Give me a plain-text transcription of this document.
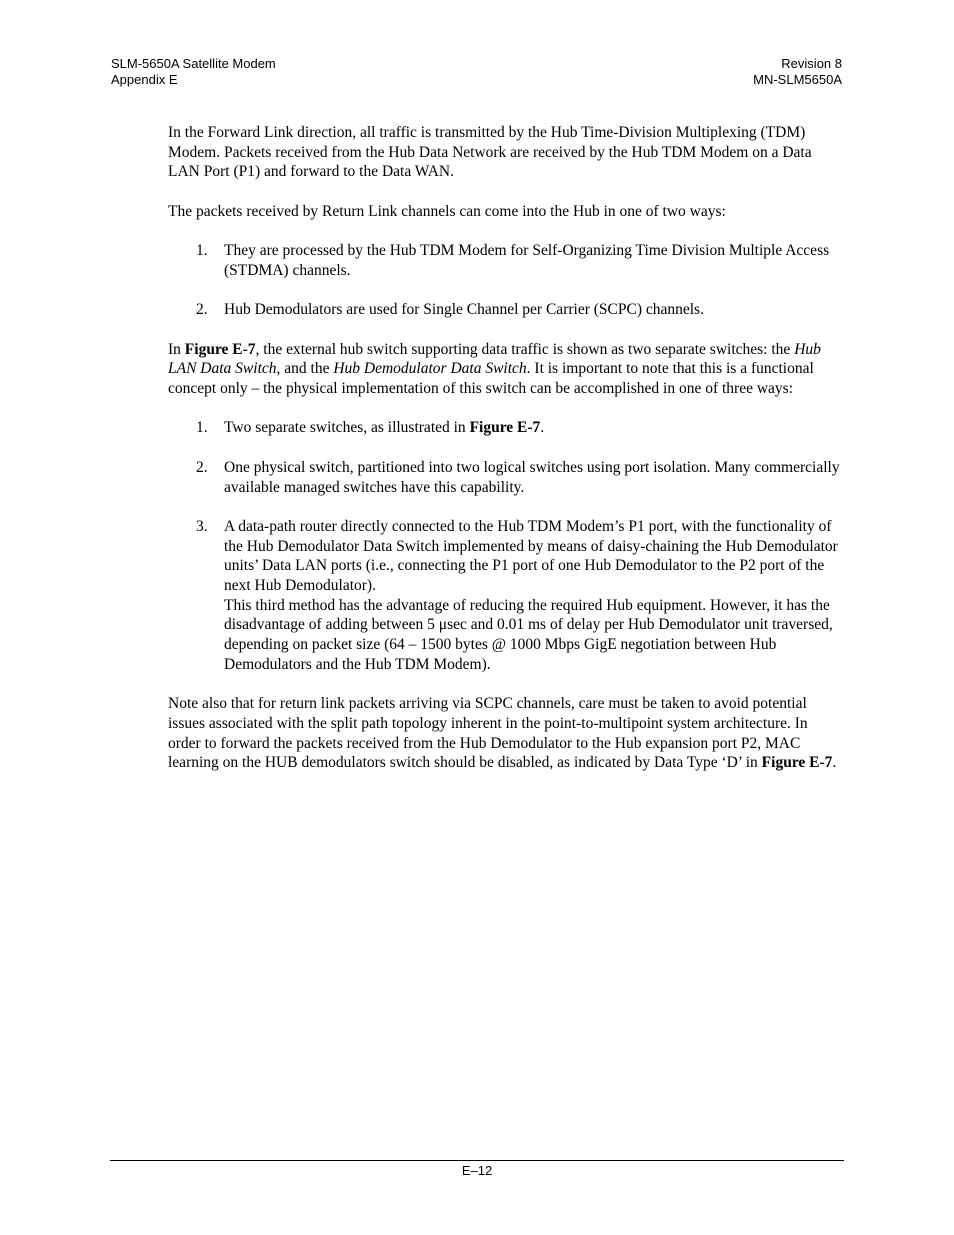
SLM-5650A Satellite Modem	Revision 8
Appendix E	MN-SLM5650A

In the Forward Link direction, all traffic is transmitted by the Hub Time-Division Multiplexing (TDM) Modem. Packets received from the Hub Data Network are received by the Hub TDM Modem on a Data LAN Port (P1) and forward to the Data WAN.

The packets received by Return Link channels can come into the Hub in one of two ways:

1.	They are processed by the Hub TDM Modem for Self-Organizing Time Division Multiple Access (STDMA) channels.
2.	Hub Demodulators are used for Single Channel per Carrier (SCPC) channels.

In Figure E-7, the external hub switch supporting data traffic is shown as two separate switches: the Hub LAN Data Switch, and the Hub Demodulator Data Switch. It is important to note that this is a functional concept only – the physical implementation of this switch can be accomplished in one of three ways:

1.	Two separate switches, as illustrated in Figure E-7.
2.	One physical switch, partitioned into two logical switches using port isolation. Many commercially available managed switches have this capability.
3.	A data-path router directly connected to the Hub TDM Modem’s P1 port, with the functionality of the Hub Demodulator Data Switch implemented by means of daisy-chaining the Hub Demodulator units’ Data LAN ports (i.e., connecting the P1 port of one Hub Demodulator to the P2 port of the next Hub Demodulator).
This third method has the advantage of reducing the required Hub equipment. However, it has the disadvantage of adding between 5 μsec and 0.01 ms of delay per Hub Demodulator unit traversed, depending on packet size (64 – 1500 bytes @ 1000 Mbps GigE negotiation between Hub Demodulators and the Hub TDM Modem).

Note also that for return link packets arriving via SCPC channels, care must be taken to avoid potential issues associated with the split path topology inherent in the point-to-multipoint system architecture. In order to forward the packets received from the Hub Demodulator to the Hub expansion port P2, MAC learning on the HUB demodulators switch should be disabled, as indicated by Data Type ‘D’ in Figure E-7.

E–12
